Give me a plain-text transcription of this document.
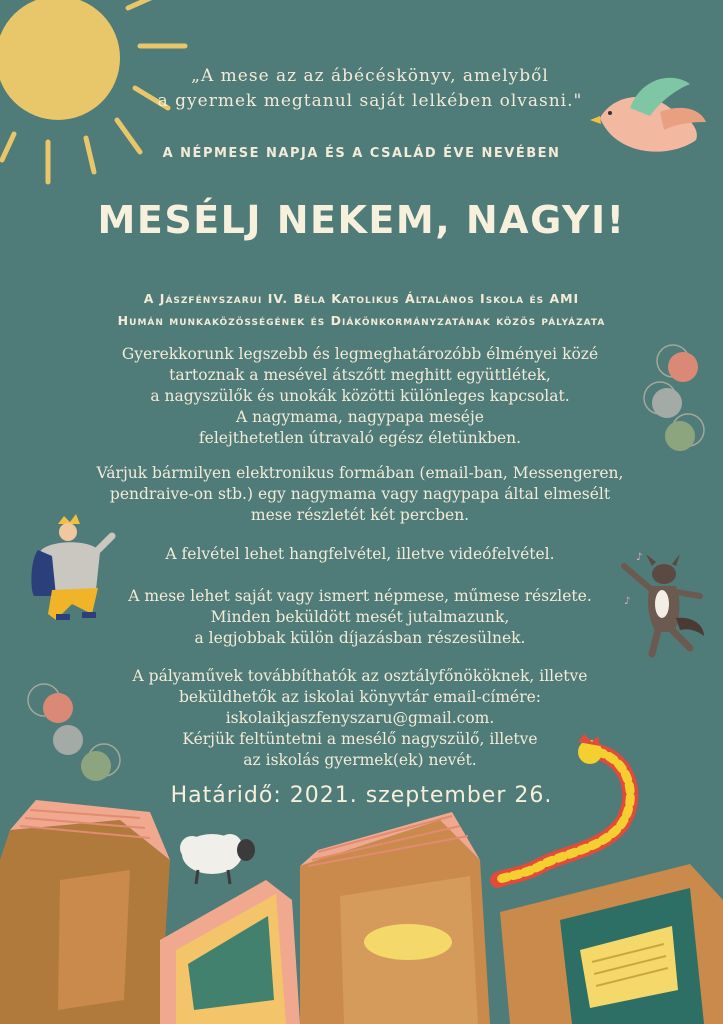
♪
♪
„A mese az az ábécéskönyv, amelyből
a gyermek megtanul saját lelkében olvasni."
A NÉPMESE NAPJA ÉS A CSALÁD ÉVE NEVÉBEN
MESÉLJ NEKEM, NAGYI!
A Jászfényszarui IV. Béla Katolikus Általános Iskola és AMI
Humán munkaközösségének és Diákönkormányzatának közös pályázata
Gyerekkorunk legszebb és legmeghatározóbb élményei közé
tartoznak a mesével átszőtt meghitt együttlétek,
a nagyszülők és unokák közötti különleges kapcsolat.
A nagymama, nagypapa meséje
felejthetetlen útravaló egész életünkben.
Várjuk bármilyen elektronikus formában (email-ban, Messengeren,
pendraive-on stb.) egy nagymama vagy nagypapa által elmesélt
mese részletét két percben.
A felvétel lehet hangfelvétel, illetve videófelvétel.
A mese lehet saját vagy ismert népmese, műmese részlete.
Minden beküldött mesét jutalmazunk,
a legjobbak külön díjazásban részesülnek.
A pályaművek továbbíthatók az osztályfőnököknek, illetve
beküldhetők az iskolai könyvtár email-címére:
iskolaikjaszfenyszaru@gmail.com.
Kérjük feltüntetni a mesélő nagyszülő, illetve
az iskolás gyermek(ek) nevét.
Határidő: 2021. szeptember 26.
